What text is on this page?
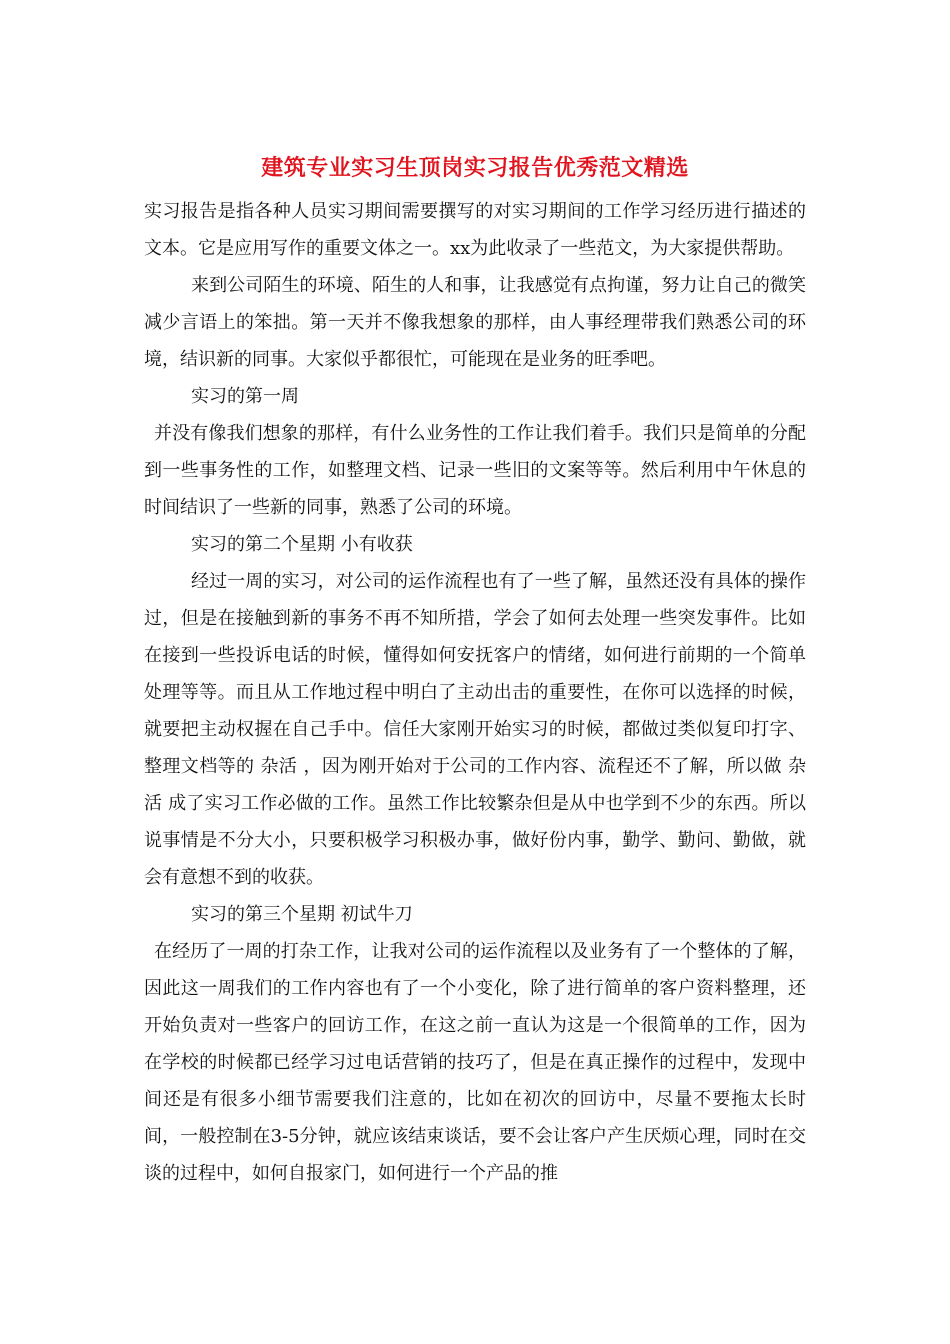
建筑专业实习生顶岗实习报告优秀范文精选

实习报告是指各种人员实习期间需要撰写的对实习期间的工作学习经历进行描述的文本。它是应用写作的重要文体之一。xx为此收录了一些范文，为大家提供帮助。

来到公司陌生的环境、陌生的人和事，让我感觉有点拘谨，努力让自己的微笑减少言语上的笨拙。第一天并不像我想象的那样，由人事经理带我们熟悉公司的环境，结识新的同事。大家似乎都很忙，可能现在是业务的旺季吧。

实习的第一周

并没有像我们想象的那样，有什么业务性的工作让我们着手。我们只是简单的分配到一些事务性的工作，如整理文档、记录一些旧的文案等等。然后利用中午休息的时间结识了一些新的同事，熟悉了公司的环境。

实习的第二个星期 小有收获

经过一周的实习，对公司的运作流程也有了一些了解，虽然还没有具体的操作过，但是在接触到新的事务不再不知所措，学会了如何去处理一些突发事件。比如在接到一些投诉电话的时候，懂得如何安抚客户的情绪，如何进行前期的一个简单处理等等。而且从工作地过程中明白了主动出击的重要性，在你可以选择的时候，就要把主动权握在自己手中。信任大家刚开始实习的时候，都做过类似复印打字、整理文档等的 杂活 ，因为刚开始对于公司的工作内容、流程还不了解，所以做 杂活 成了实习工作必做的工作。虽然工作比较繁杂但是从中也学到不少的东西。所以说事情是不分大小，只要积极学习积极办事，做好份内事，勤学、勤问、勤做，就会有意想不到的收获。

实习的第三个星期 初试牛刀

在经历了一周的打杂工作，让我对公司的运作流程以及业务有了一个整体的了解，因此这一周我们的工作内容也有了一个小变化，除了进行简单的客户资料整理，还开始负责对一些客户的回访工作，在这之前一直认为这是一个很简单的工作，因为在学校的时候都已经学习过电话营销的技巧了，但是在真正操作的过程中，发现中间还是有很多小细节需要我们注意的，比如在初次的回访中，尽量不要拖太长时间，一般控制在3-5分钟，就应该结束谈话，要不会让客户产生厌烦心理，同时在交谈的过程中，如何自报家门，如何进行一个产品的推
